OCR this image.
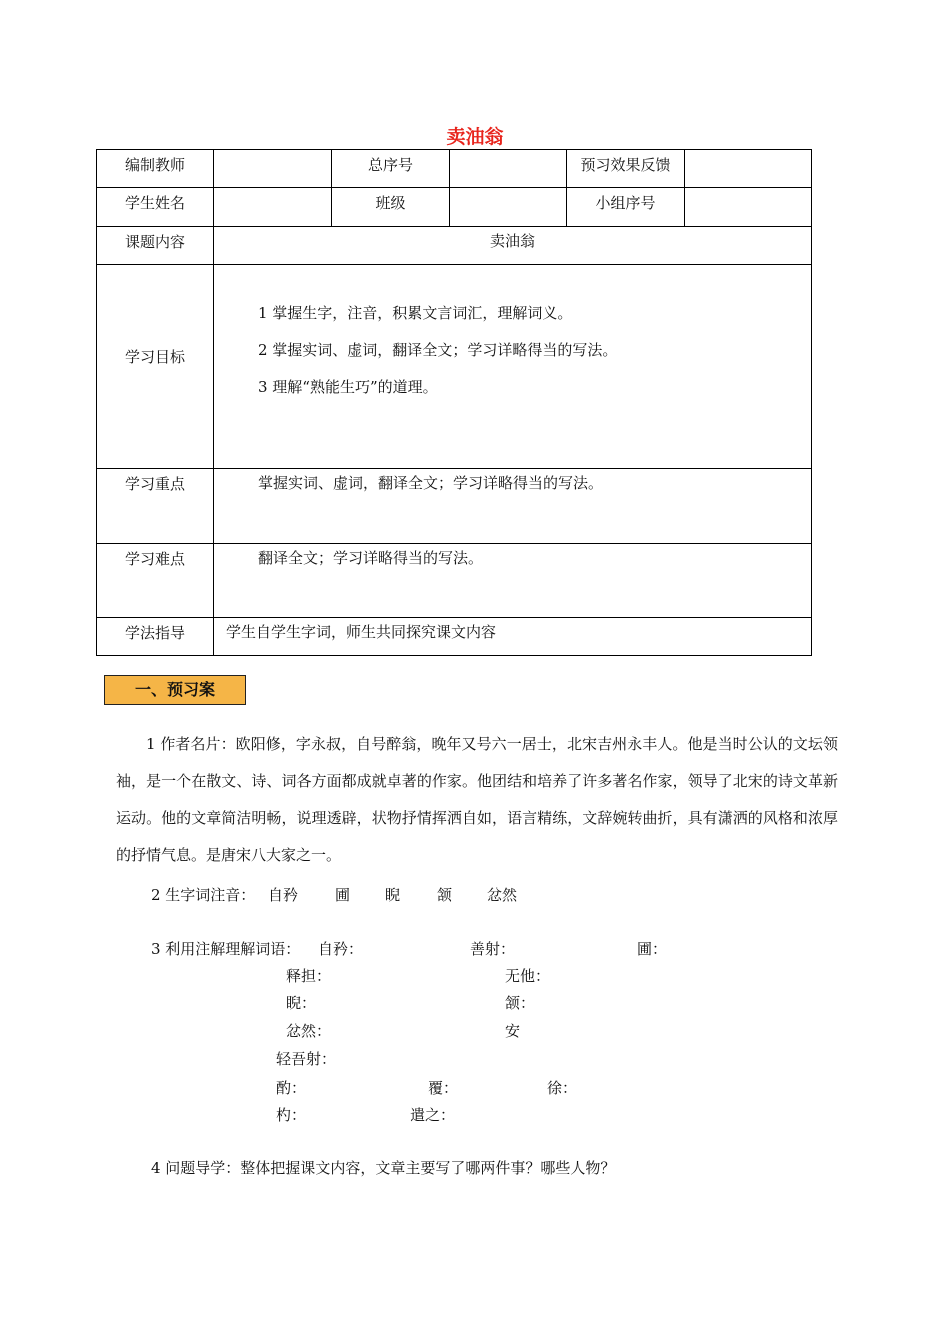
卖油翁
编制教师		总序号		预习效果反馈	

学生姓名		班级		小组序号	

课题内容	卖油翁				

学习目标	1 掌握生字，注音，积累文言词汇，理解词义。
2 掌握实词、虚词，翻译全文；学习详略得当的写法。
3 理解“熟能生巧”的道理。				

学习重点	掌握实词、虚词，翻译全文；学习详略得当的写法。				

学习难点	翻译全文；学习详略得当的写法。				

学法指导	学生自学生字词，师生共同探究课文内容				
一、预习案
1 作者名片：欧阳修，字永叔，自号醉翁，晚年又号六一居士，北宋吉州永丰人。他是当时公认的文坛领袖，是一个在散文、诗、词各方面都成就卓著的作家。他团结和培养了许多著名作家，领导了北宋的诗文革新运动。他的文章简洁明畅，说理透辟，状物抒情挥洒自如，语言精练，文辞婉转曲折，具有潇洒的风格和浓厚的抒情气息。是唐宋八大家之一。
2 生字词注音： 自矜 圃 睨 颔 忿然
3 利用注解理解词语： 自矜：	善射：	圃：
释担：	无他：
睨：	颔：
忿然：	安
轻吾射：
酌：	覆：	徐：
杓：	遣之：
4 问题导学：整体把握课文内容，文章主要写了哪两件事？哪些人物？
